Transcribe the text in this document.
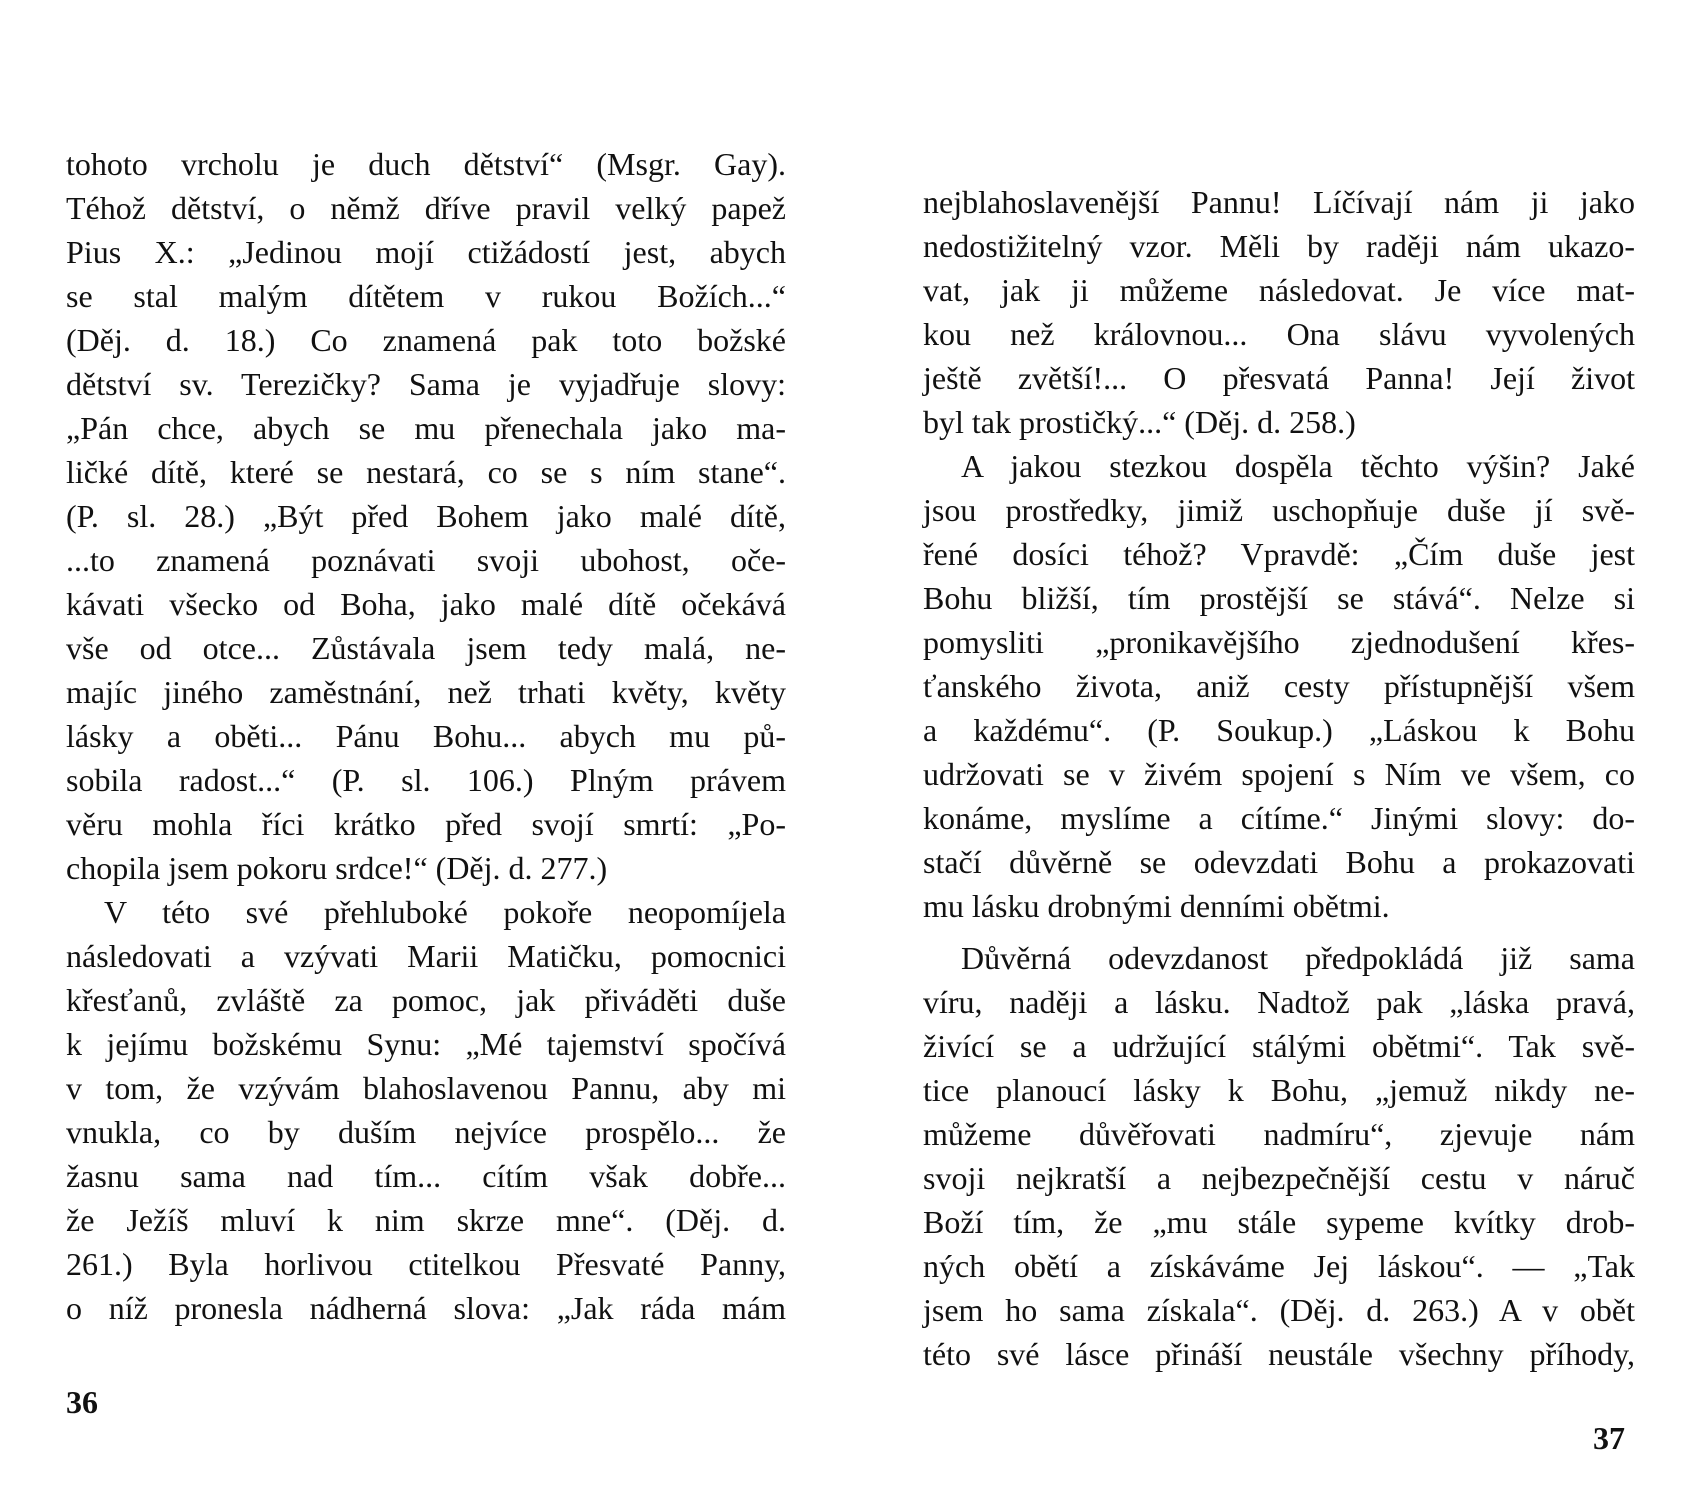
tohoto vrcholu je duch dětství“ (Msgr. Gay).
Téhož dětství, o němž dříve pravil velký papež
Pius X.: „Jedinou mojí ctižádostí jest, abych
se stal malým dítětem v rukou Božích...“
(Děj. d. 18.) Co znamená pak toto božské
dětství sv. Terezičky? Sama je vyjadřuje slovy:
„Pán chce, abych se mu přenechala jako ma-
ličké dítě, které se nestará, co se s ním stane“.
(P. sl. 28.) „Být před Bohem jako malé dítě,
...to znamená poznávati svoji ubohost, oče-
kávati všecko od Boha, jako malé dítě očekává
vše od otce... Zůstávala jsem tedy malá, ne-
majíc jiného zaměstnání, než trhati květy, květy
lásky a oběti... Pánu Bohu... abych mu pů-
sobila radost...“ (P. sl. 106.) Plným právem
věru mohla říci krátko před svojí smrtí: „Po-
chopila jsem pokoru srdce!“ (Děj. d. 277.)
V této své přehluboké pokoře neopomíjela
následovati a vzývati Marii Matičku, pomocnici
křesťanů, zvláště za pomoc, jak přiváděti duše
k jejímu božskému Synu: „Mé tajemství spočívá
v tom, že vzývám blahoslavenou Pannu, aby mi
vnukla, co by duším nejvíce prospělo... že
žasnu sama nad tím... cítím však dobře...
že Ježíš mluví k nim skrze mne“. (Děj. d.
261.) Byla horlivou ctitelkou Přesvaté Panny,
o níž pronesla nádherná slova: „Jak ráda mám
36
nejblahoslavenější Pannu! Líčívají nám ji jako
nedostižitelný vzor. Měli by raději nám ukazo-
vat, jak ji můžeme následovat. Je více mat-
kou než královnou... Ona slávu vyvolených
ještě zvětší!... O přesvatá Panna! Její život
byl tak prostičký...“ (Děj. d. 258.)
A jakou stezkou dospěla těchto výšin? Jaké
jsou prostředky, jimiž uschopňuje duše jí svě-
řené dosíci téhož? Vpravdě: „Čím duše jest
Bohu bližší, tím prostější se stává“. Nelze si
pomysliti „pronikavějšího zjednodušení křes-
ťanského života, aniž cesty přístupnější všem
a každému“. (P. Soukup.) „Láskou k Bohu
udržovati se v živém spojení s Ním ve všem, co
konáme, myslíme a cítíme.“ Jinými slovy: do-
stačí důvěrně se odevzdati Bohu a prokazovati
mu lásku drobnými denními obětmi.
Důvěrná odevzdanost předpokládá již sama
víru, naději a lásku. Nadtož pak „láska pravá,
živící se a udržující stálými obětmi“. Tak svě-
tice planoucí lásky k Bohu, „jemuž nikdy ne-
můžeme důvěřovati nadmíru“, zjevuje nám
svoji nejkratší a nejbezpečnější cestu v náruč
Boží tím, že „mu stále sypeme kvítky drob-
ných obětí a získáváme Jej láskou“. — „Tak
jsem ho sama získala“. (Děj. d. 263.) A v obět
této své lásce přináší neustále všechny příhody,
37
